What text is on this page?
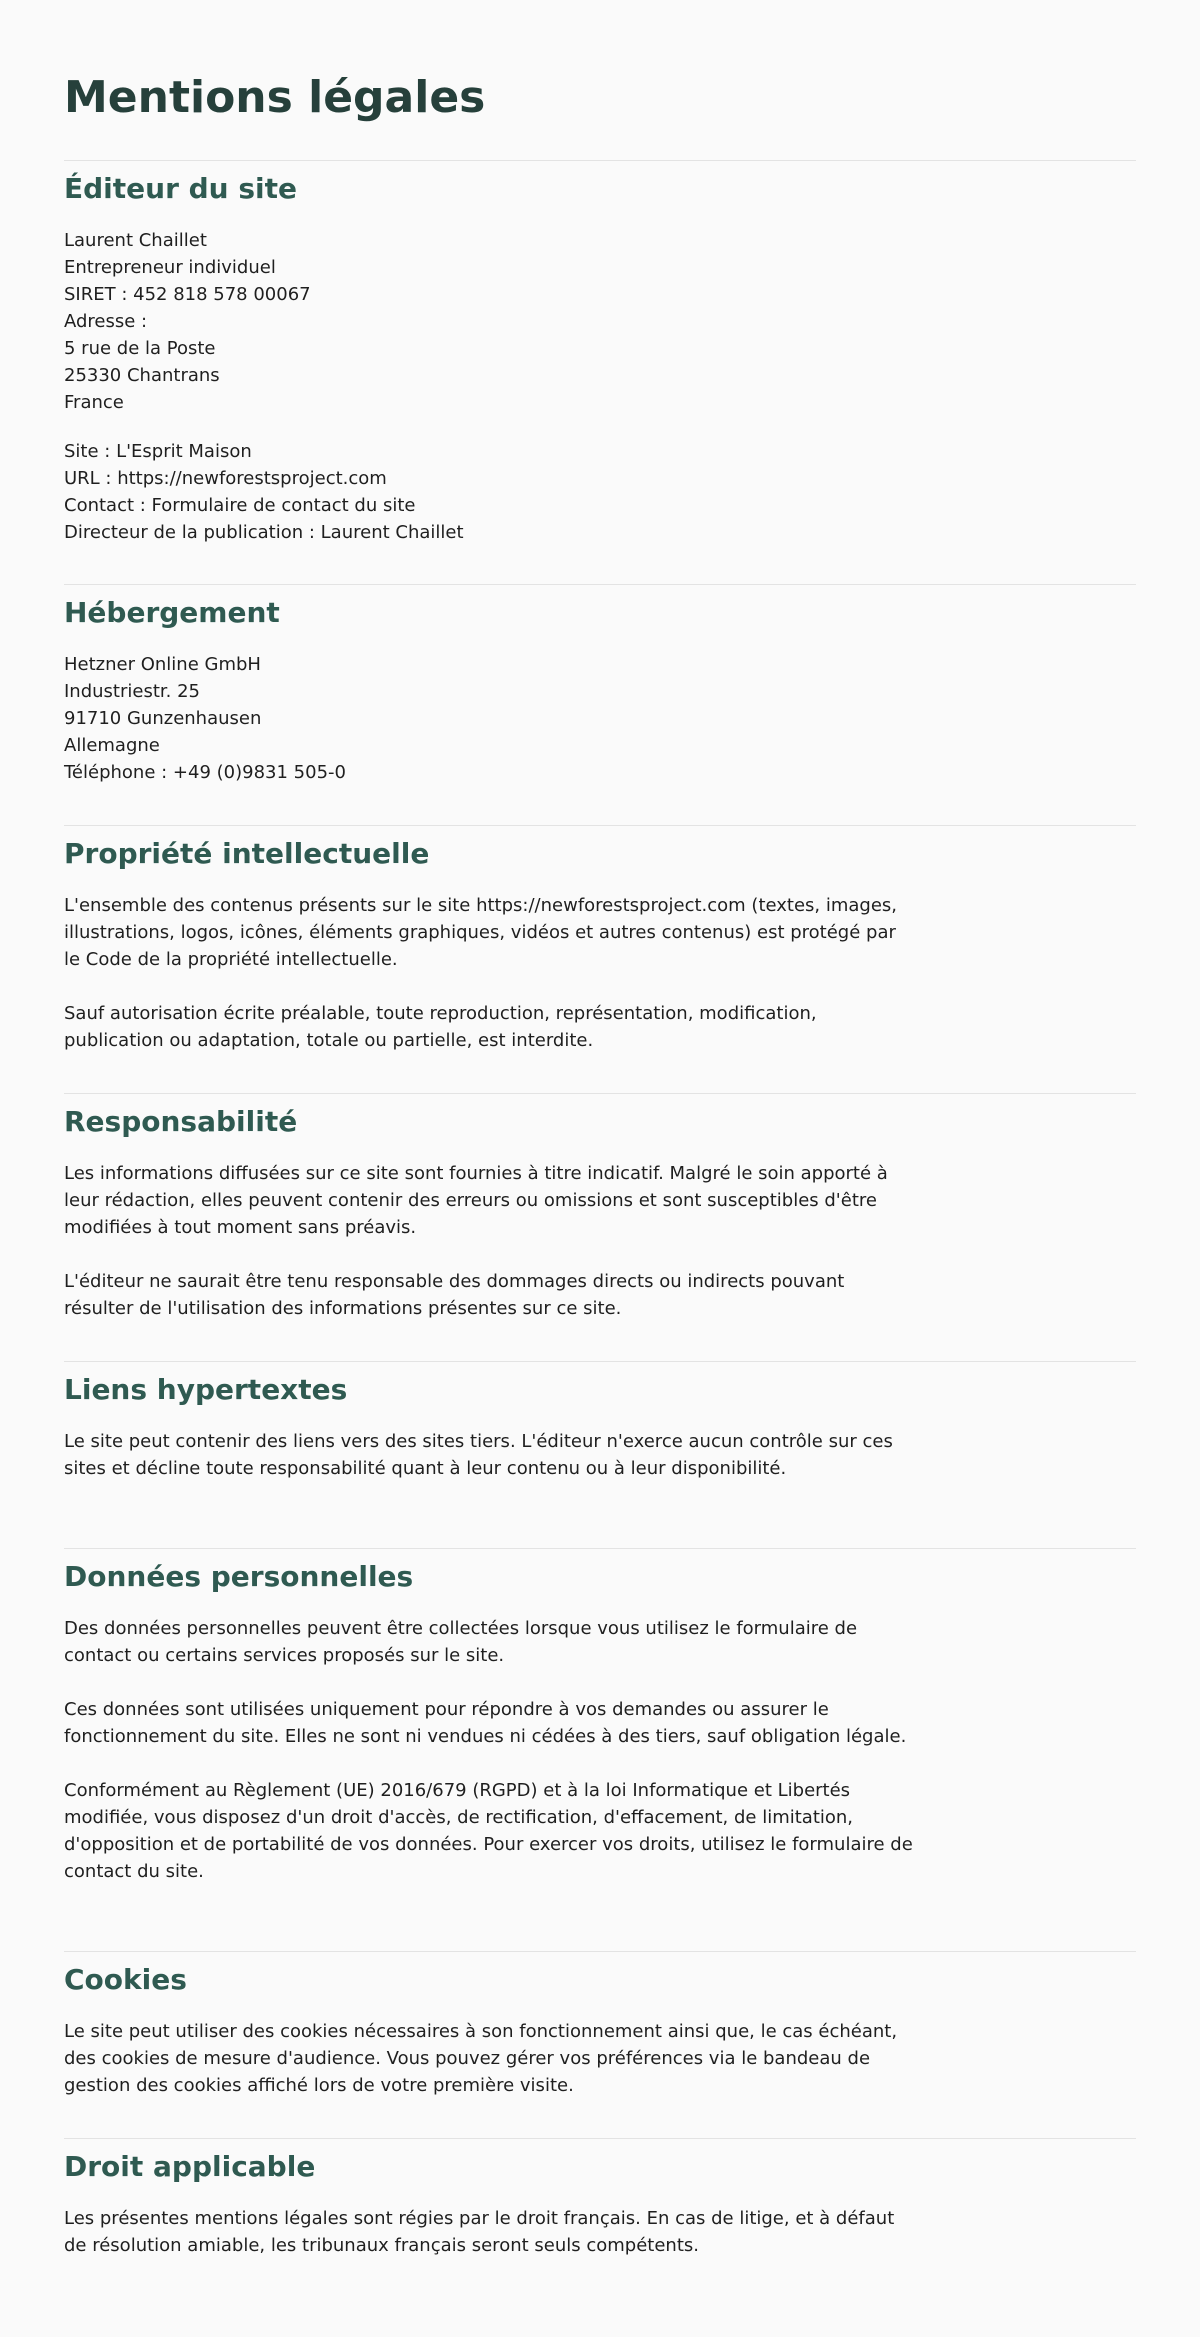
Mentions légales
Éditeur du site

Laurent Chaillet

Entrepreneur individuel

SIRET : 452 818 578 00067

Adresse :

5 rue de la Poste

25330 Chantrans

France

Site : L'Esprit Maison

URL : https://newforestsproject.com

Contact : Formulaire de contact du site

Directeur de la publication : Laurent Chaillet

Hébergement

Hetzner Online GmbH

Industriestr. 25

91710 Gunzenhausen

Allemagne

Téléphone : +49 (0)9831 505-0

Propriété intellectuelle

L'ensemble des contenus présents sur le site https://newforestsproject.com (textes, images, illustrations, logos, icônes, éléments graphiques, vidéos et autres contenus) est protégé par le Code de la propriété intellectuelle.

Sauf autorisation écrite préalable, toute reproduction, représentation, modification, publication ou adaptation, totale ou partielle, est interdite.

Responsabilité

Les informations diffusées sur ce site sont fournies à titre indicatif. Malgré le soin apporté à leur rédaction, elles peuvent contenir des erreurs ou omissions et sont susceptibles d'être modifiées à tout moment sans préavis.

L'éditeur ne saurait être tenu responsable des dommages directs ou indirects pouvant résulter de l'utilisation des informations présentes sur ce site.

Liens hypertextes

Le site peut contenir des liens vers des sites tiers. L'éditeur n'exerce aucun contrôle sur ces sites et décline toute responsabilité quant à leur contenu ou à leur disponibilité.

Données personnelles

Des données personnelles peuvent être collectées lorsque vous utilisez le formulaire de contact ou certains services proposés sur le site.

Ces données sont utilisées uniquement pour répondre à vos demandes ou assurer le fonctionnement du site. Elles ne sont ni vendues ni cédées à des tiers, sauf obligation légale.

Conformément au Règlement (UE) 2016/679 (RGPD) et à la loi Informatique et Libertés modifiée, vous disposez d'un droit d'accès, de rectification, d'effacement, de limitation, d'opposition et de portabilité de vos données. Pour exercer vos droits, utilisez le formulaire de contact du site.

Cookies

Le site peut utiliser des cookies nécessaires à son fonctionnement ainsi que, le cas échéant, des cookies de mesure d'audience. Vous pouvez gérer vos préférences via le bandeau de gestion des cookies affiché lors de votre première visite.

Droit applicable

Les présentes mentions légales sont régies par le droit français. En cas de litige, et à défaut de résolution amiable, les tribunaux français seront seuls compétents.
